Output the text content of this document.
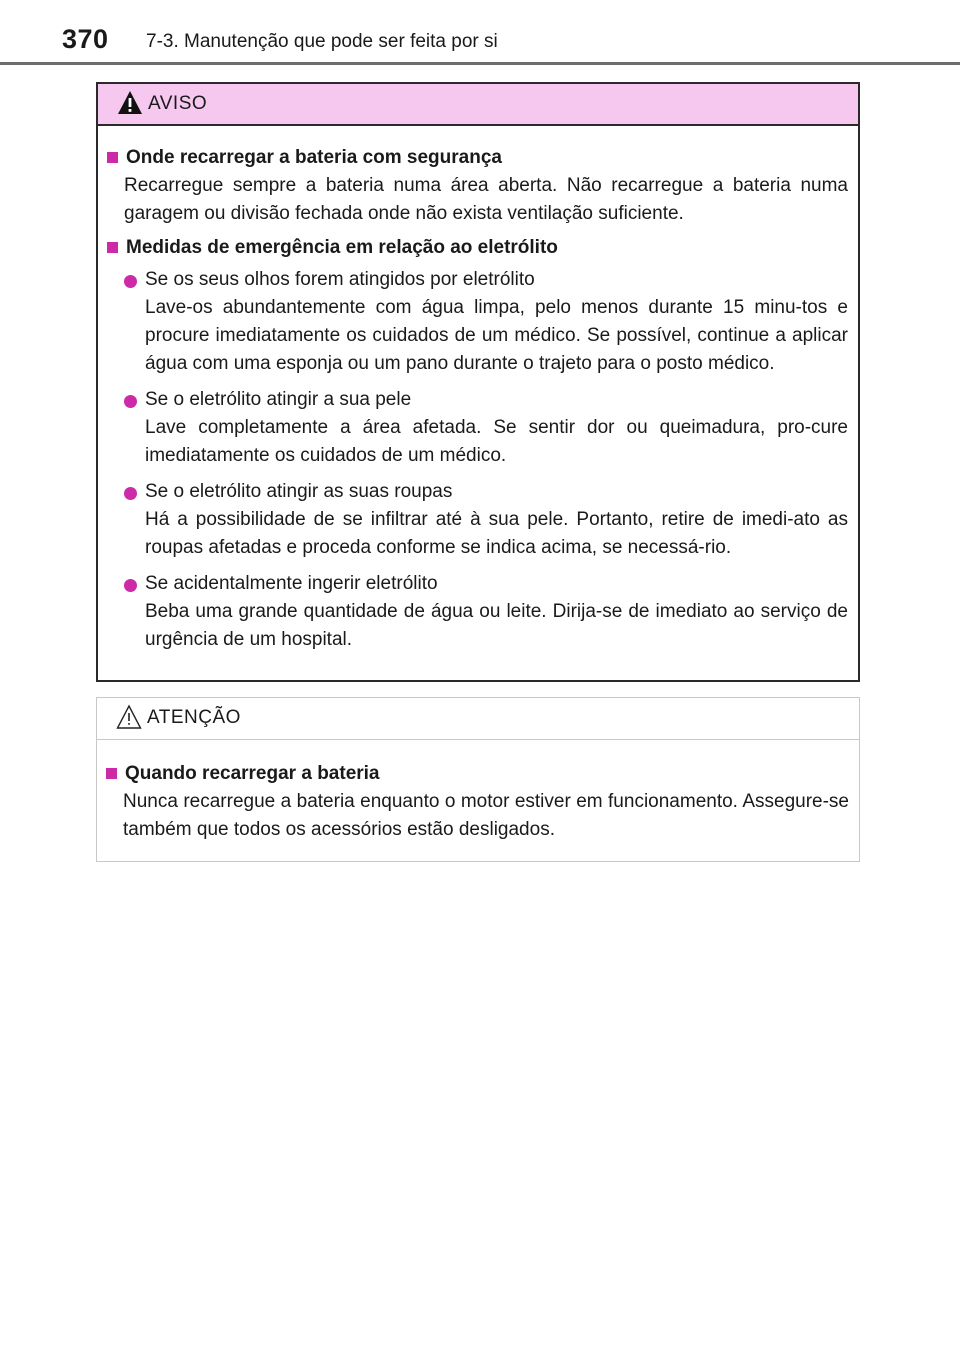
370 7-3. Manutenção que pode ser feita por si
AVISO
Onde recarregar a bateria com segurança
Recarregue sempre a bateria numa área aberta. Não recarregue a bateria numa garagem ou divisão fechada onde não exista ventilação suficiente.
Medidas de emergência em relação ao eletrólito
Se os seus olhos forem atingidos por eletrólito
Lave-os abundantemente com água limpa, pelo menos durante 15 minu-tos e procure imediatamente os cuidados de um médico. Se possível, continue a aplicar água com uma esponja ou um pano durante o trajeto para o posto médico.
Se o eletrólito atingir a sua pele
Lave completamente a área afetada. Se sentir dor ou queimadura, pro-cure imediatamente os cuidados de um médico.
Se o eletrólito atingir as suas roupas
Há a possibilidade de se infiltrar até à sua pele. Portanto, retire de imedi-ato as roupas afetadas e proceda conforme se indica acima, se necessá-rio.
Se acidentalmente ingerir eletrólito
Beba uma grande quantidade de água ou leite. Dirija-se de imediato ao serviço de urgência de um hospital.
ATENÇÃO
Quando recarregar a bateria
Nunca recarregue a bateria enquanto o motor estiver em funcionamento. Assegure-se também que todos os acessórios estão desligados.
